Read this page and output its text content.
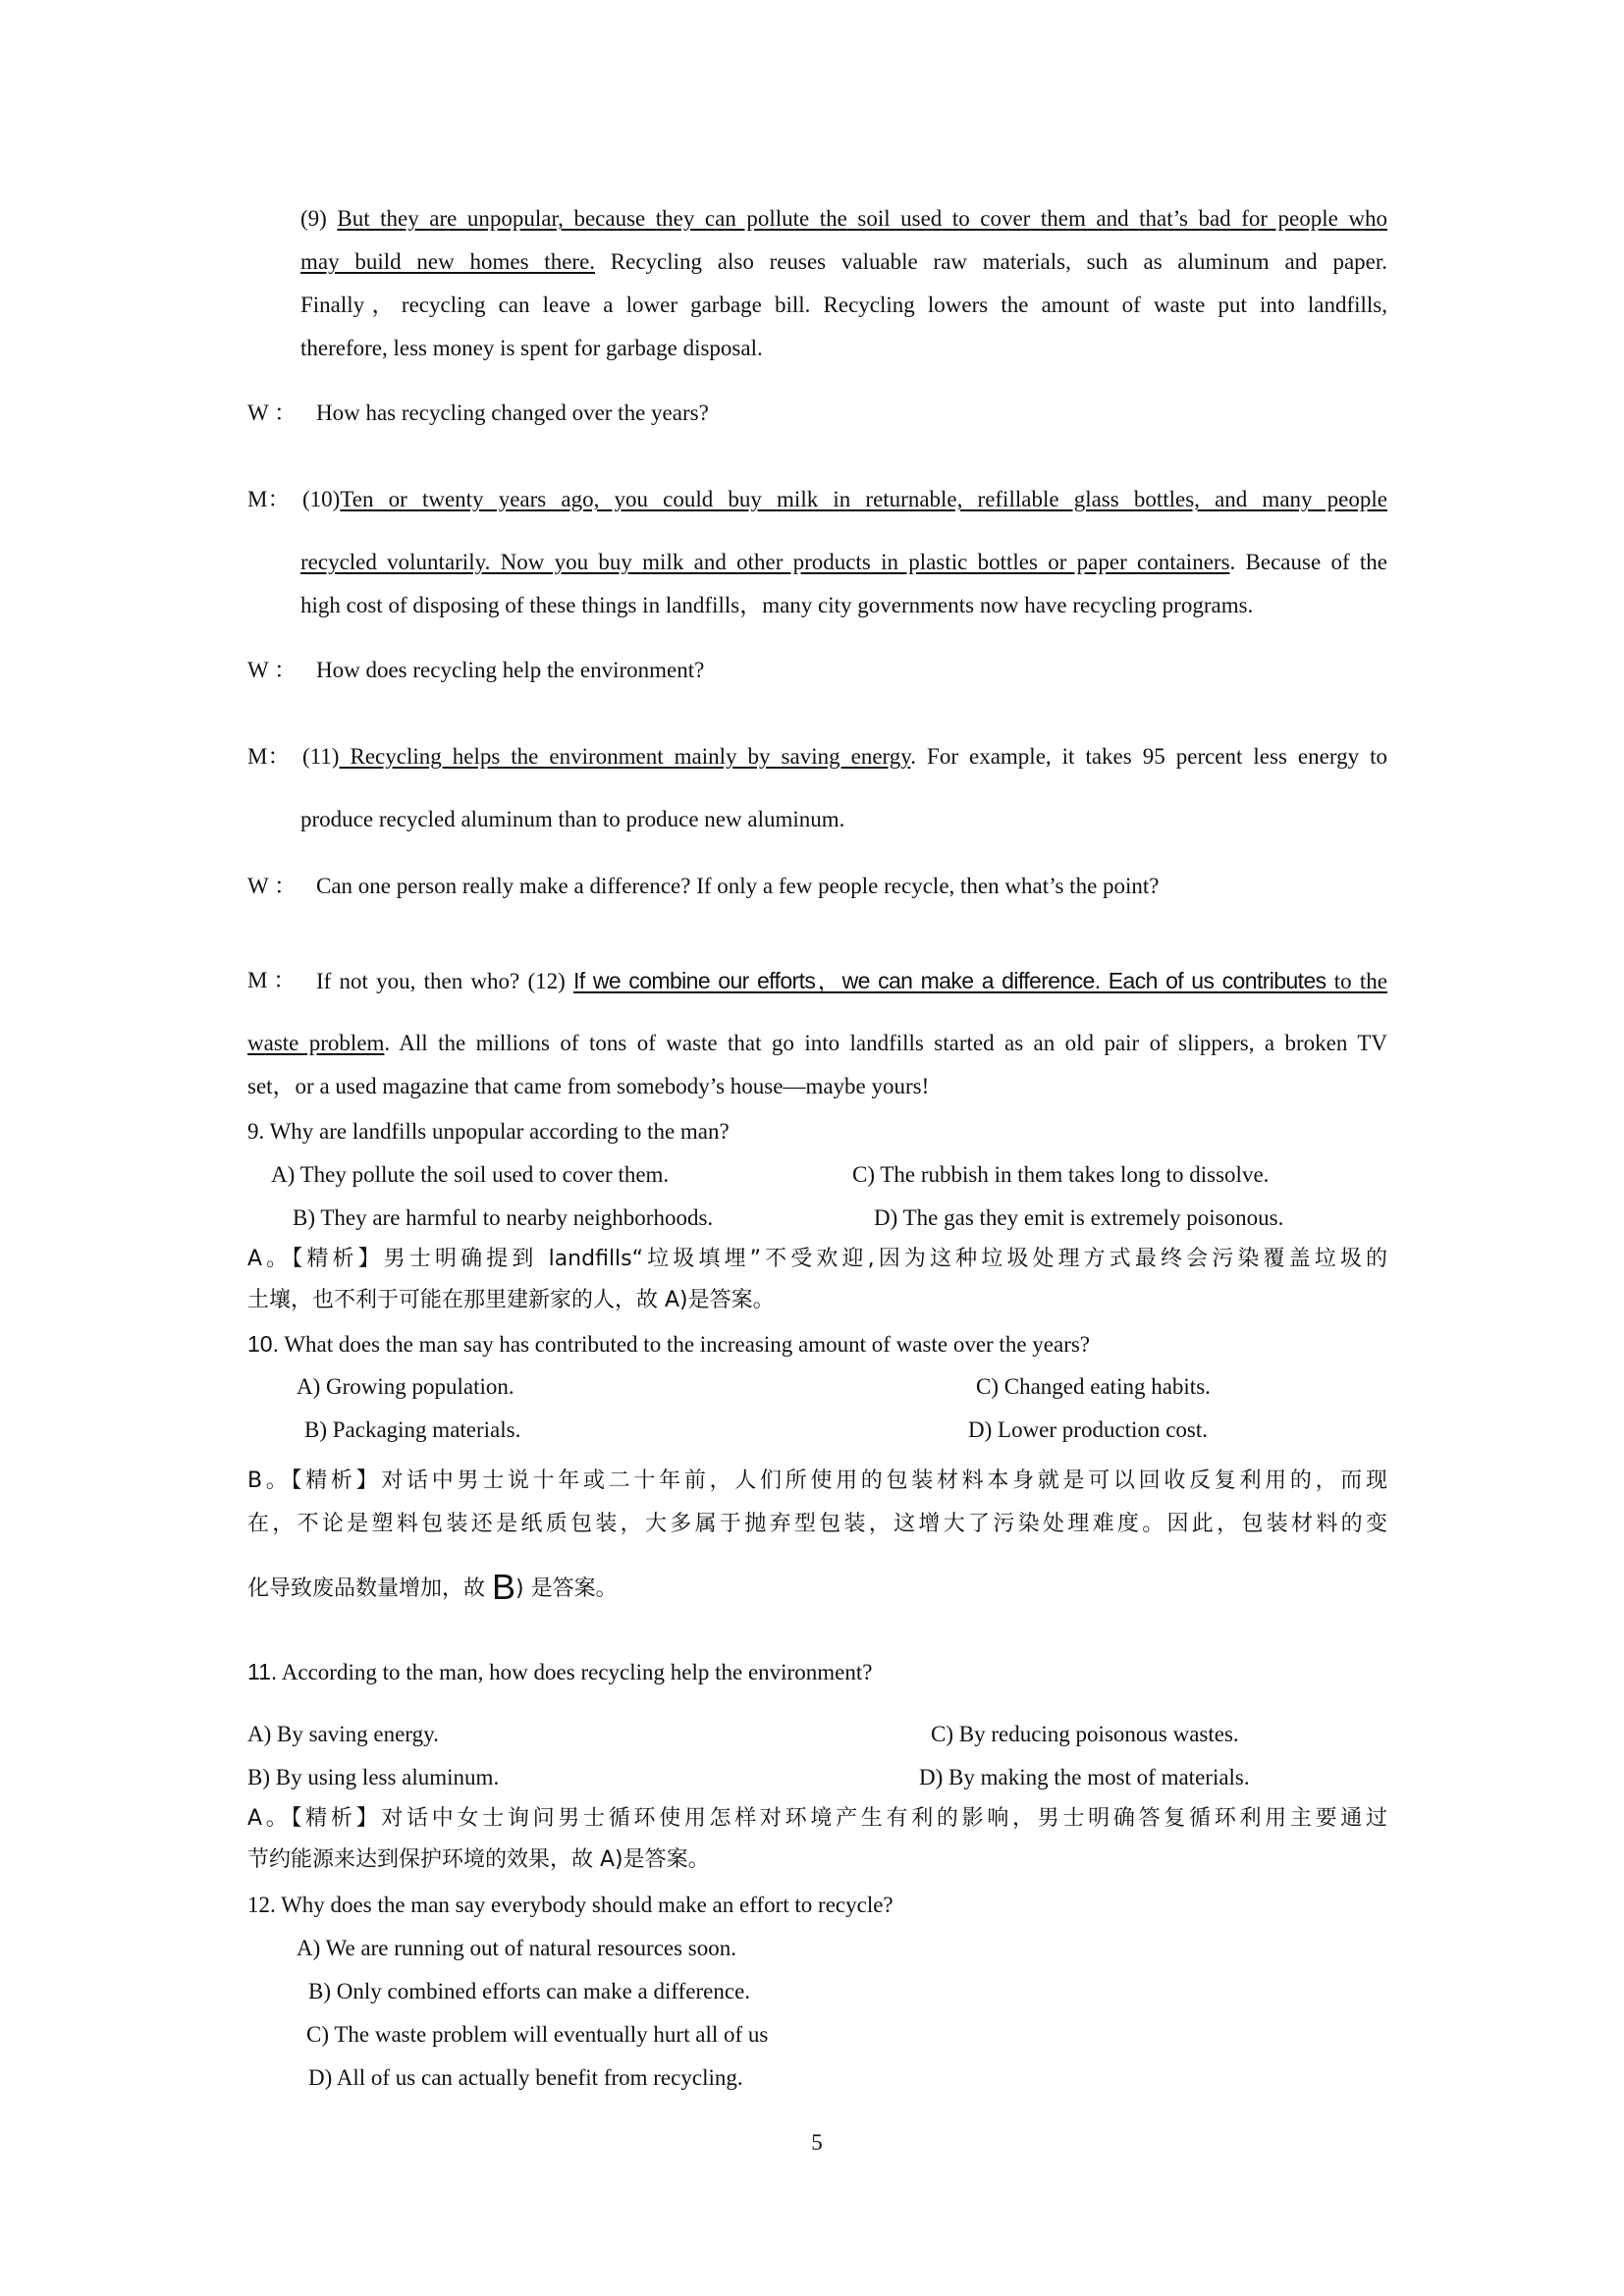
(9) But they are unpopular, because they can pollute the soil used to cover them and that’s bad for people who
may build new homes there. Recycling also reuses valuable raw materials, such as aluminum and paper.
Finally，recycling can leave a lower garbage bill. Recycling lowers the amount of waste put into landfills,
therefore, less money is spent for garbage disposal.
W ： How has recycling changed over the years?
M： (10)Ten or twenty years ago, you could buy milk in returnable, refillable glass bottles, and many people
recycled voluntarily. Now you buy milk and other products in plastic bottles or paper containers. Because of the
high cost of disposing of these things in landfills，many city governments now have recycling programs.
W ： How does recycling help the environment?
M： (11) Recycling helps the environment mainly by saving energy. For example, it takes 95 percent less energy to
produce recycled aluminum than to produce new aluminum.
W ： Can one person really make a difference? If only a few people recycle, then what’s the point?
M ： If not you, then who? (12) If we combine our efforts，we can make a difference. Each of us contributes to the
waste problem. All the millions of tons of waste that go into landfills started as an old pair of slippers, a broken TV
set，or a used magazine that came from somebody’s house—maybe yours!
9. Why are landfills unpopular according to the man?
A) They pollute the soil used to cover them.	C) The rubbish in them takes long to dissolve.
B) They are harmful to nearby neighborhoods.	D) The gas they emit is extremely poisonous.
A。【精析】男士明确提到 landfills“垃圾填埋”不受欢迎,因为这种垃圾处理方式最终会污染覆盖垃圾的
土壤，也不利于可能在那里建新家的人，故 A)是答案。
10. What does the man say has contributed to the increasing amount of waste over the years?
A) Growing population.	C) Changed eating habits.
B) Packaging materials.	D) Lower production cost.
B。【精析】对话中男士说十年或二十年前，人们所使用的包装材料本身就是可以回收反复利用的，而现
在，不论是塑料包装还是纸质包装，大多属于抛弃型包装，这增大了污染处理难度。因此，包装材料的变
化导致废品数量增加，故 B) 是答案。
11. According to the man, how does recycling help the environment?
A) By saving energy.	C) By reducing poisonous wastes.
B) By using less aluminum.	D) By making the most of materials.
A。【精析】对话中女士询问男士循环使用怎样对环境产生有利的影响，男士明确答复循环利用主要通过
节约能源来达到保护环境的效果，故 A)是答案。
12. Why does the man say everybody should make an effort to recycle?
A) We are running out of natural resources soon.
B) Only combined efforts can make a difference.
C) The waste problem will eventually hurt all of us
D) All of us can actually benefit from recycling.
5
